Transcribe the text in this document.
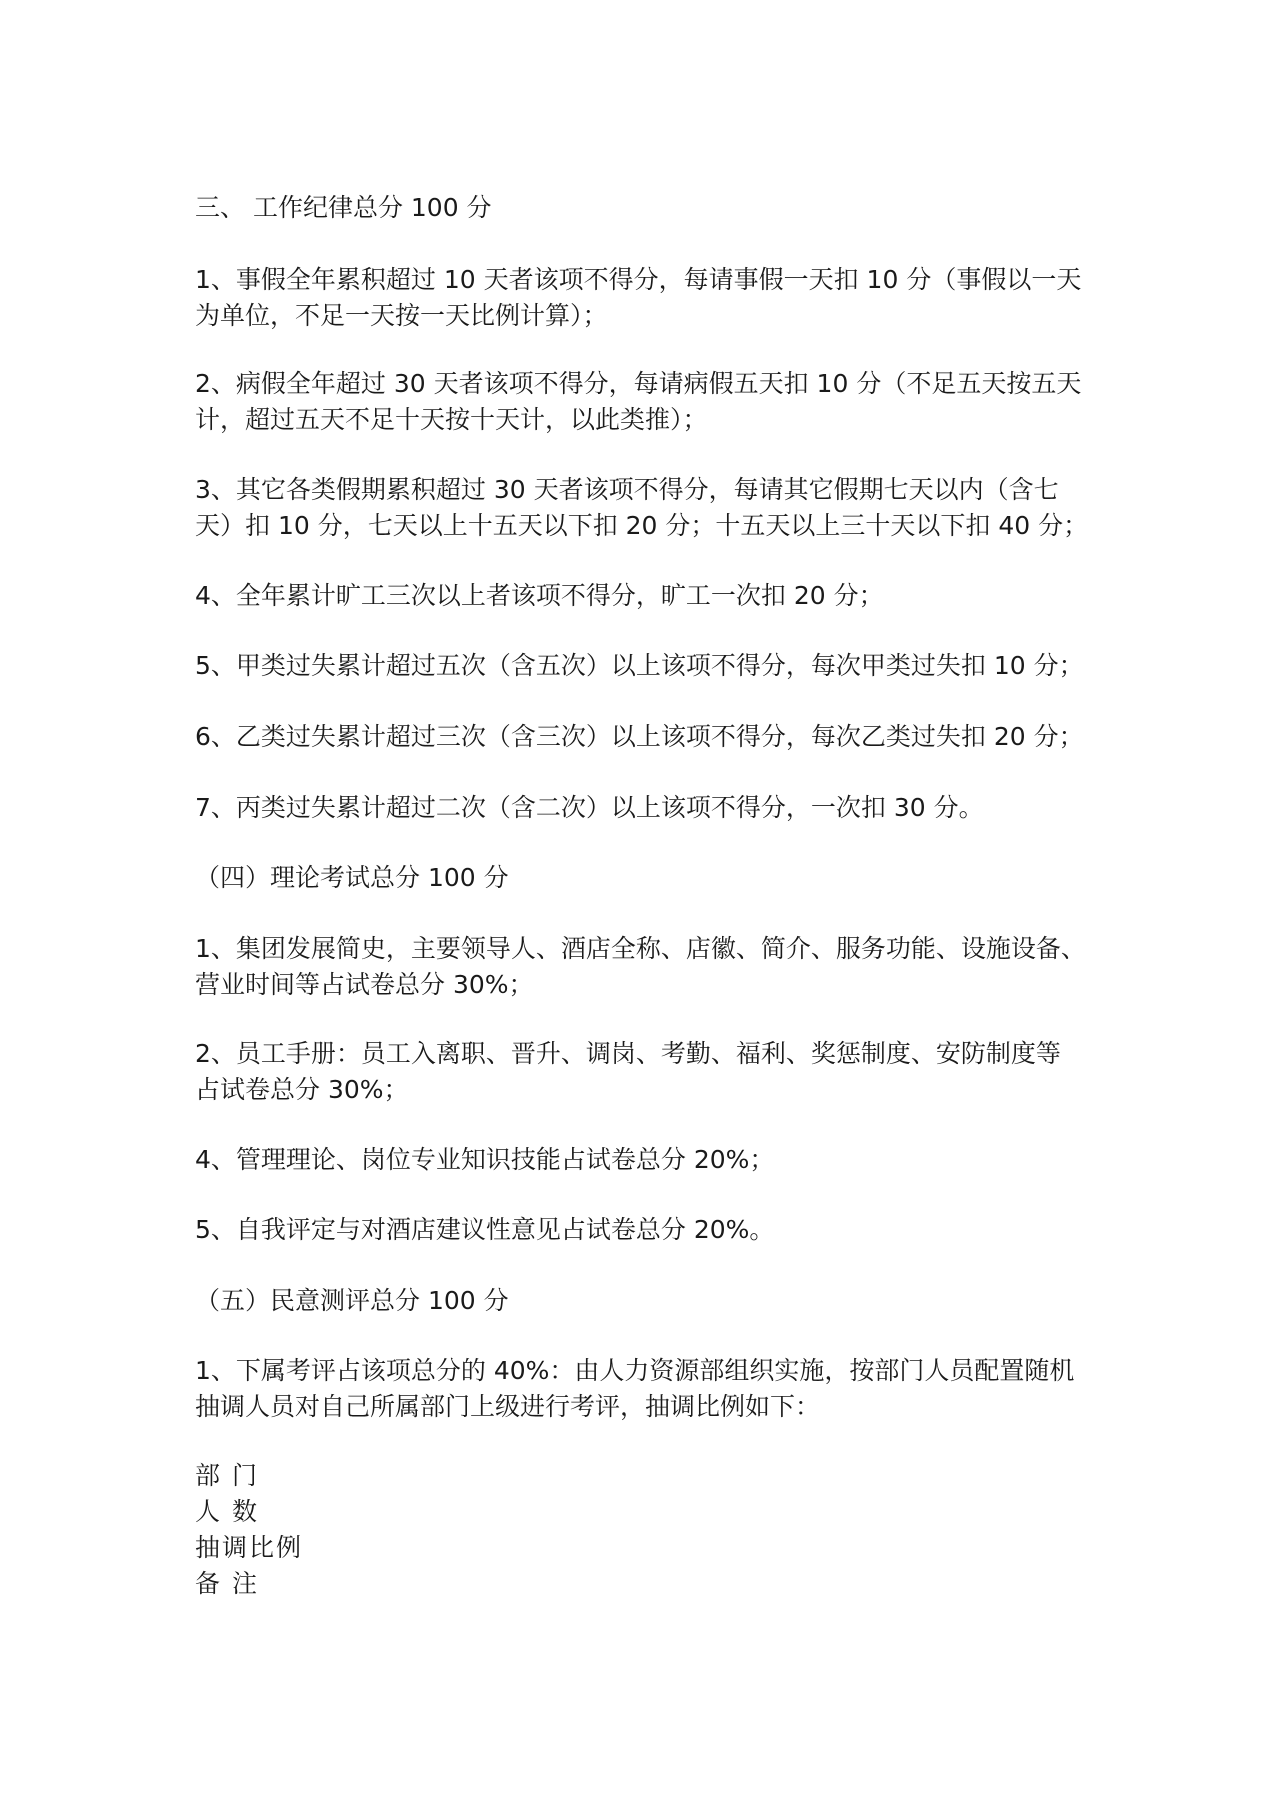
三、 工作纪律总分 100 分
1、事假全年累积超过 10 天者该项不得分，每请事假一天扣 10 分（事假以一天
为单位，不足一天按一天比例计算）；
2、病假全年超过 30 天者该项不得分，每请病假五天扣 10 分（不足五天按五天
计，超过五天不足十天按十天计，以此类推）；
3、其它各类假期累积超过 30 天者该项不得分，每请其它假期七天以内（含七
天）扣 10 分，七天以上十五天以下扣 20 分；十五天以上三十天以下扣 40 分；
4、全年累计旷工三次以上者该项不得分，旷工一次扣 20 分；
5、甲类过失累计超过五次（含五次）以上该项不得分，每次甲类过失扣 10 分；
6、乙类过失累计超过三次（含三次）以上该项不得分，每次乙类过失扣 20 分；
7、丙类过失累计超过二次（含二次）以上该项不得分，一次扣 30 分。
（四）理论考试总分 100 分
1、集团发展简史，主要领导人、酒店全称、店徽、简介、服务功能、设施设备、
营业时间等占试卷总分 30%；
2、员工手册：员工入离职、晋升、调岗、考勤、福利、奖惩制度、安防制度等
占试卷总分 30%；
4、管理理论、岗位专业知识技能占试卷总分 20%；
5、自我评定与对酒店建议性意见占试卷总分 20%。
（五）民意测评总分 100 分
1、下属考评占该项总分的 40%：由人力资源部组织实施，按部门人员配置随机
抽调人员对自己所属部门上级进行考评，抽调比例如下：
部 门
人 数
抽调比例
备 注
